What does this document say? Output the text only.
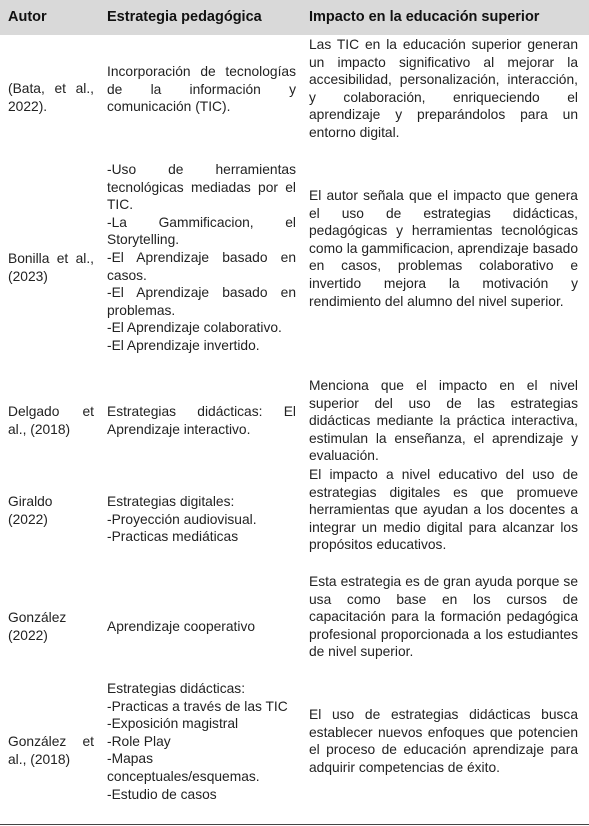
Autor	Estrategia pedagógica	Impacto en la educación superior
(Bata, et al., 2022).
Incorporación de tecnologías de la información y comunicación (TIC).
Las TIC en la educación superior generan un impacto significativo al mejorar la accesibilidad, personalización, interacción, y colaboración, enriqueciendo el aprendizaje y preparándolos para un entorno digital.
Bonilla et al., (2023)
-Uso de herramientas tecnológicas mediadas por el TIC.
-La Gammificacion, el Storytelling.
-El Aprendizaje basado en casos.
-El Aprendizaje basado en problemas.
-El Aprendizaje colaborativo.
-El Aprendizaje invertido.
El autor señala que el impacto que genera el uso de estrategias didácticas, pedagógicas y herramientas tecnológicas como la gammificacion, aprendizaje basado en casos, problemas colaborativo e invertido mejora la motivación y rendimiento del alumno del nivel superior.
Delgado et al., (2018)
Estrategias didácticas: El Aprendizaje interactivo.
Menciona que el impacto en el nivel superior del uso de las estrategias didácticas mediante la práctica interactiva, estimulan la enseñanza, el aprendizaje y evaluación.
Giraldo (2022)
Estrategias digitales:
-Proyección audiovisual.
-Practicas mediáticas
El impacto a nivel educativo del uso de estrategias digitales es que promueve herramientas que ayudan a los docentes a integrar un medio digital para alcanzar los propósitos educativos.
González (2022)
Aprendizaje cooperativo
Esta estrategia es de gran ayuda porque se usa como base en los cursos de capacitación para la formación pedagógica profesional proporcionada a los estudiantes de nivel superior.
González et al., (2018)
Estrategias didácticas:
-Practicas a través de las TIC
-Exposición magistral
-Role Play
-Mapas conceptuales/esquemas.
-Estudio de casos
El uso de estrategias didácticas busca establecer nuevos enfoques que potencien el proceso de educación aprendizaje para adquirir competencias de éxito.
